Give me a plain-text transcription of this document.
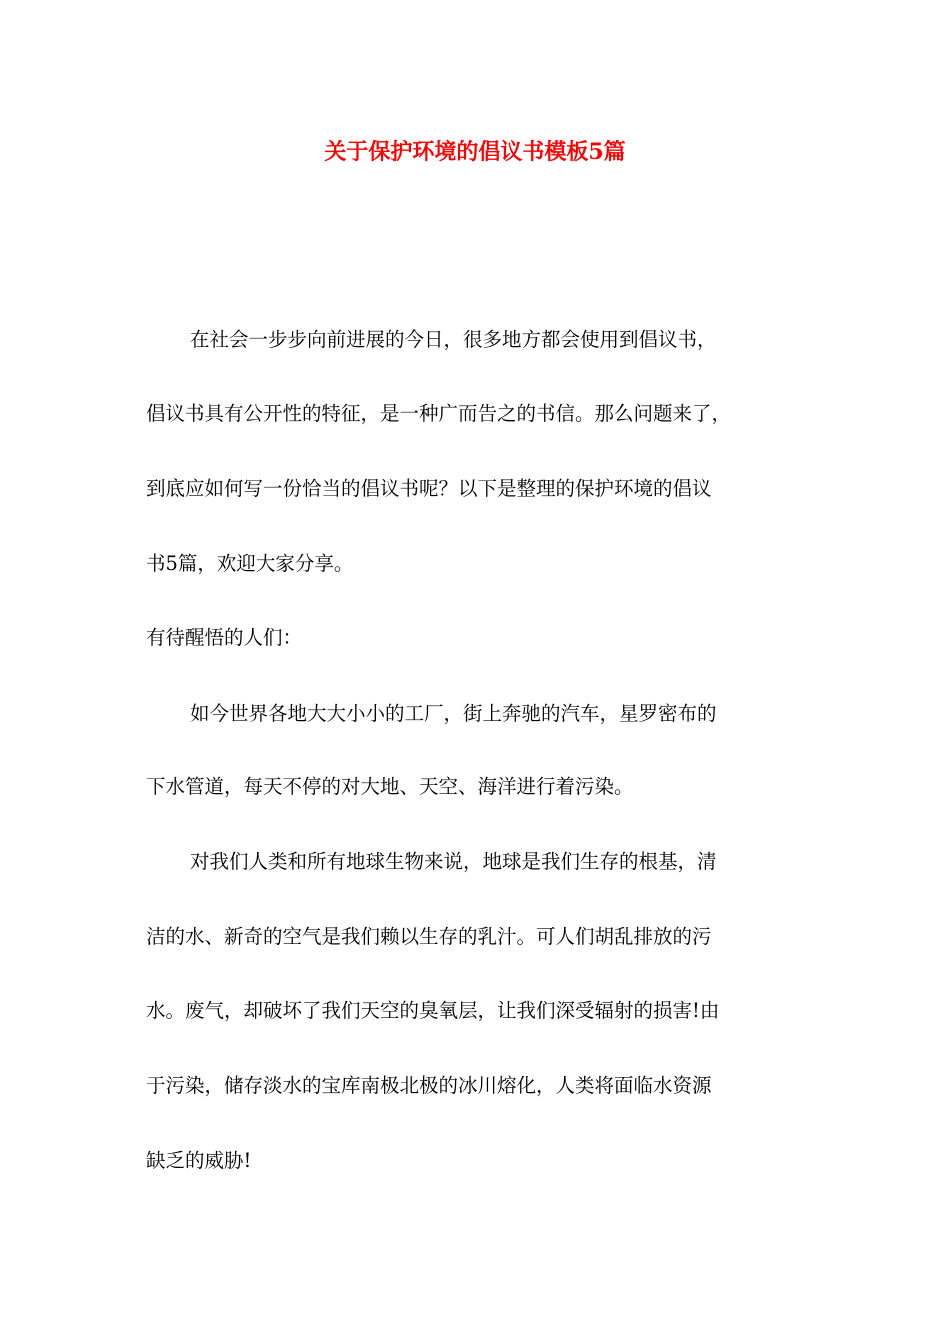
关于保护环境的倡议书模板5篇
在社会一步步向前进展的今日，很多地方都会使用到倡议书，
倡议书具有公开性的特征，是一种广而告之的书信。那么问题来了，
到底应如何写一份恰当的倡议书呢？以下是整理的保护环境的倡议
书5篇，欢迎大家分享。
有待醒悟的人们：
如今世界各地大大小小的工厂，街上奔驰的汽车，星罗密布的
下水管道，每天不停的对大地、天空、海洋进行着污染。
对我们人类和所有地球生物来说，地球是我们生存的根基，清
洁的水、新奇的空气是我们赖以生存的乳汁。可人们胡乱排放的污
水。废气，却破坏了我们天空的臭氧层，让我们深受辐射的损害!由
于污染，储存淡水的宝库南极北极的冰川熔化，人类将面临水资源
缺乏的威胁!
